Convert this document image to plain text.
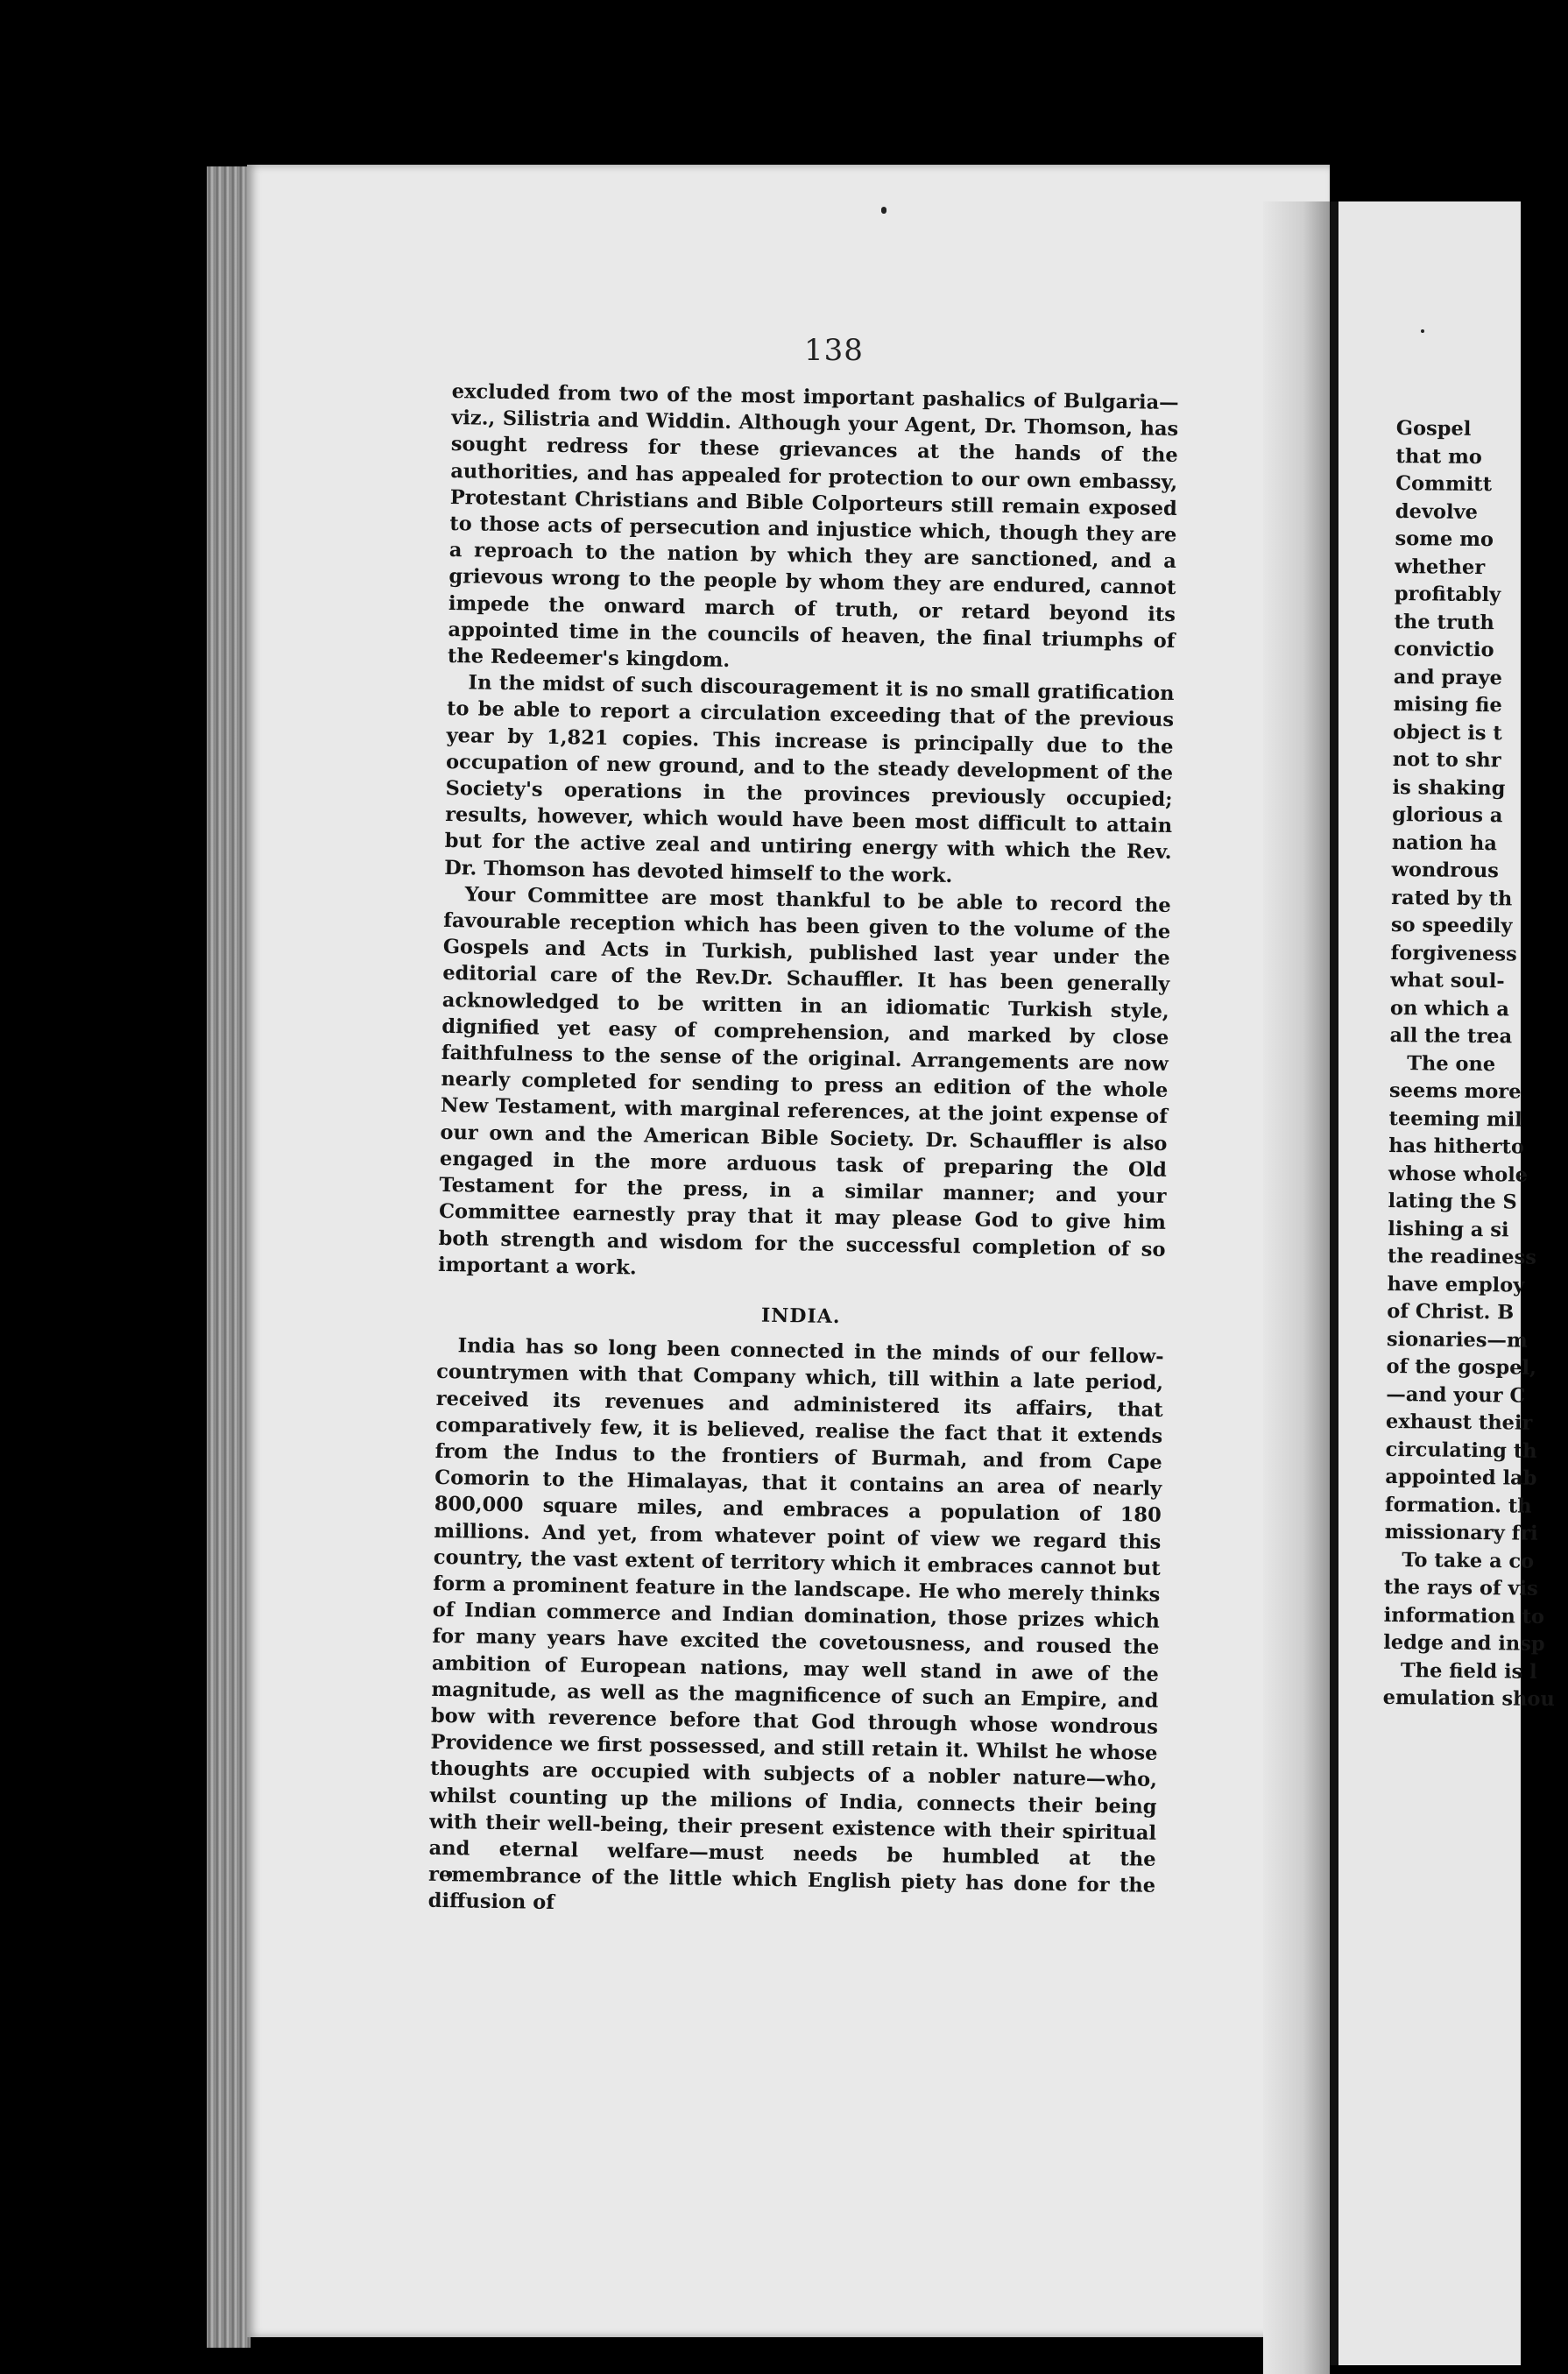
138

excluded from two of the most important pashalics of Bulgaria—viz., Silistria and Widdin. Although your Agent, Dr. Thomson, has sought redress for these grievances at the hands of the authorities, and has appealed for protection to our own embassy, Protestant Christians and Bible Colporteurs still remain exposed to those acts of persecution and injustice which, though they are a reproach to the nation by which they are sanctioned, and a grievous wrong to the people by whom they are endured, cannot impede the onward march of truth, or retard beyond its appointed time in the councils of heaven, the final triumphs of the Redeemer's kingdom.

In the midst of such discouragement it is no small gratification to be able to report a circulation exceeding that of the previous year by 1,821 copies. This increase is principally due to the occupation of new ground, and to the steady development of the Society's operations in the provinces previously occupied; results, however, which would have been most difficult to attain but for the active zeal and untiring energy with which the Rev. Dr. Thomson has devoted himself to the work.

Your Committee are most thankful to be able to record the favourable reception which has been given to the volume of the Gospels and Acts in Turkish, published last year under the editorial care of the Rev.Dr. Schauffler. It has been generally acknowledged to be written in an idiomatic Turkish style, dignified yet easy of comprehension, and marked by close faithfulness to the sense of the original. Arrangements are now nearly completed for sending to press an edition of the whole New Testament, with marginal references, at the joint expense of our own and the American Bible Society. Dr. Schauffler is also engaged in the more arduous task of preparing the Old Testament for the press, in a similar manner; and your Committee earnestly pray that it may please God to give him both strength and wisdom for the successful completion of so important a work.

INDIA.

India has so long been connected in the minds of our fellow-countrymen with that Company which, till within a late period, received its revenues and administered its affairs, that comparatively few, it is believed, realise the fact that it extends from the Indus to the frontiers of Burmah, and from Cape Comorin to the Himalayas, that it contains an area of nearly 800,000 square miles, and embraces a population of 180 millions. And yet, from whatever point of view we regard this country, the vast extent of territory which it embraces cannot but form a prominent feature in the landscape. He who merely thinks of Indian commerce and Indian domination, those prizes which for many years have excited the covetousness, and roused the ambition of European nations, may well stand in awe of the magnitude, as well as the magnificence of such an Empire, and bow with reverence before that God through whose wondrous Providence we first possessed, and still retain it. Whilst he whose thoughts are occupied with subjects of a nobler nature—who, whilst counting up the milions of India, connects their being with their well-being, their present existence with their spiritual and eternal welfare—must needs be humbled at the remembrance of the little which English piety has done for the diffusion of

Gospel
that mo
Committ
devolve
some mo
whether
profitably
the truth
convictio
and praye
mising fie
object is t
not to shr
is shaking
glorious a
nation ha
wondrous
rated by th
so speedily
forgiveness
what soul-
on which a
all the trea
The one
seems more
teeming mil
has hitherto
whose whole
lating the S
lishing a si
the readiness
have employ
of Christ. B
sionaries—m
of the gospel,
—and your C
exhaust their
circulating th
appointed lab
formation. th
missionary fri
To take a co
the rays of vis
information to
ledge and insp
The field is l
emulation shou
